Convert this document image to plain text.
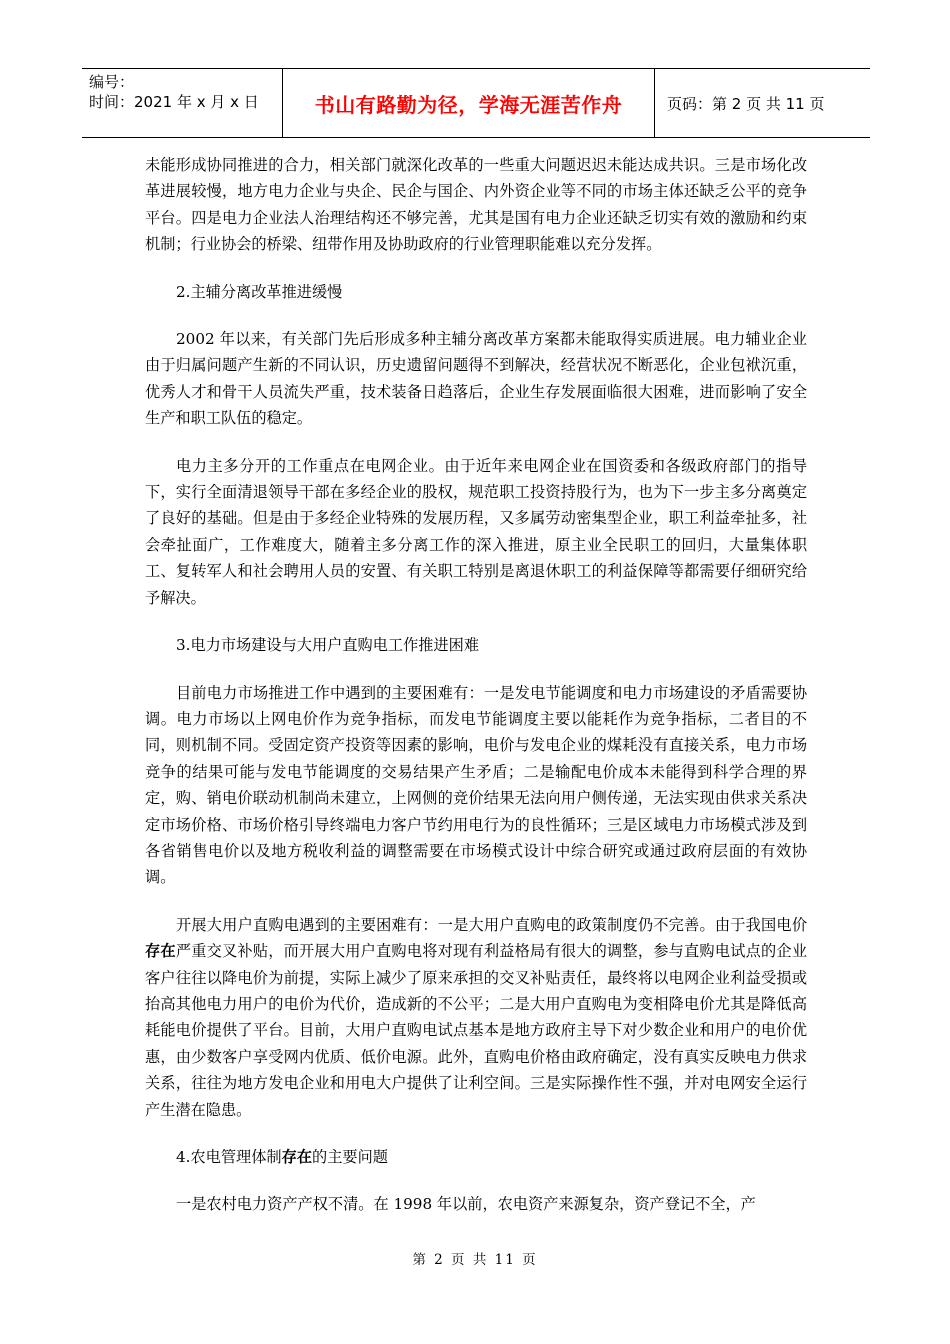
编号：
时间：2021 年 x 月 x 日	书山有路勤为径，学海无涯苦作舟	页码：第 2 页 共 11 页

未能形成协同推进的合力，相关部门就深化改革的一些重大问题迟迟未能达成共识。三是市场化改革进展较慢，地方电力企业与央企、民企与国企、内外资企业等不同的市场主体还缺乏公平的竞争平台。四是电力企业法人治理结构还不够完善，尤其是国有电力企业还缺乏切实有效的激励和约束机制；行业协会的桥梁、纽带作用及协助政府的行业管理职能难以充分发挥。

2.主辅分离改革推进缓慢

2002 年以来，有关部门先后形成多种主辅分离改革方案都未能取得实质进展。电力辅业企业由于归属问题产生新的不同认识，历史遗留问题得不到解决，经营状况不断恶化，企业包袱沉重，优秀人才和骨干人员流失严重，技术装备日趋落后，企业生存发展面临很大困难，进而影响了安全生产和职工队伍的稳定。

电力主多分开的工作重点在电网企业。由于近年来电网企业在国资委和各级政府部门的指导下，实行全面清退领导干部在多经企业的股权，规范职工投资持股行为，也为下一步主多分离奠定了良好的基础。但是由于多经企业特殊的发展历程，又多属劳动密集型企业，职工利益牵扯多，社会牵扯面广，工作难度大，随着主多分离工作的深入推进，原主业全民职工的回归，大量集体职工、复转军人和社会聘用人员的安置、有关职工特别是离退休职工的利益保障等都需要仔细研究给予解决。

3.电力市场建设与大用户直购电工作推进困难

目前电力市场推进工作中遇到的主要困难有：一是发电节能调度和电力市场建设的矛盾需要协调。电力市场以上网电价作为竞争指标，而发电节能调度主要以能耗作为竞争指标，二者目的不同，则机制不同。受固定资产投资等因素的影响，电价与发电企业的煤耗没有直接关系，电力市场竞争的结果可能与发电节能调度的交易结果产生矛盾；二是输配电价成本未能得到科学合理的界定，购、销电价联动机制尚未建立，上网侧的竞价结果无法向用户侧传递，无法实现由供求关系决定市场价格、市场价格引导终端电力客户节约用电行为的良性循环；三是区域电力市场模式涉及到各省销售电价以及地方税收利益的调整需要在市场模式设计中综合研究或通过政府层面的有效协调。

开展大用户直购电遇到的主要困难有：一是大用户直购电的政策制度仍不完善。由于我国电价存在严重交叉补贴，而开展大用户直购电将对现有利益格局有很大的调整，参与直购电试点的企业客户往往以降电价为前提，实际上减少了原来承担的交叉补贴责任，最终将以电网企业利益受损或抬高其他电力用户的电价为代价，造成新的不公平；二是大用户直购电为变相降电价尤其是降低高耗能电价提供了平台。目前，大用户直购电试点基本是地方政府主导下对少数企业和用户的电价优惠，由少数客户享受网内优质、低价电源。此外，直购电价格由政府确定，没有真实反映电力供求关系，往往为地方发电企业和用电大户提供了让利空间。三是实际操作性不强，并对电网安全运行产生潜在隐患。

4.农电管理体制存在的主要问题

一是农村电力资产产权不清。在 1998 年以前，农电资产来源复杂，资产登记不全，产

第 2 页 共 11 页
